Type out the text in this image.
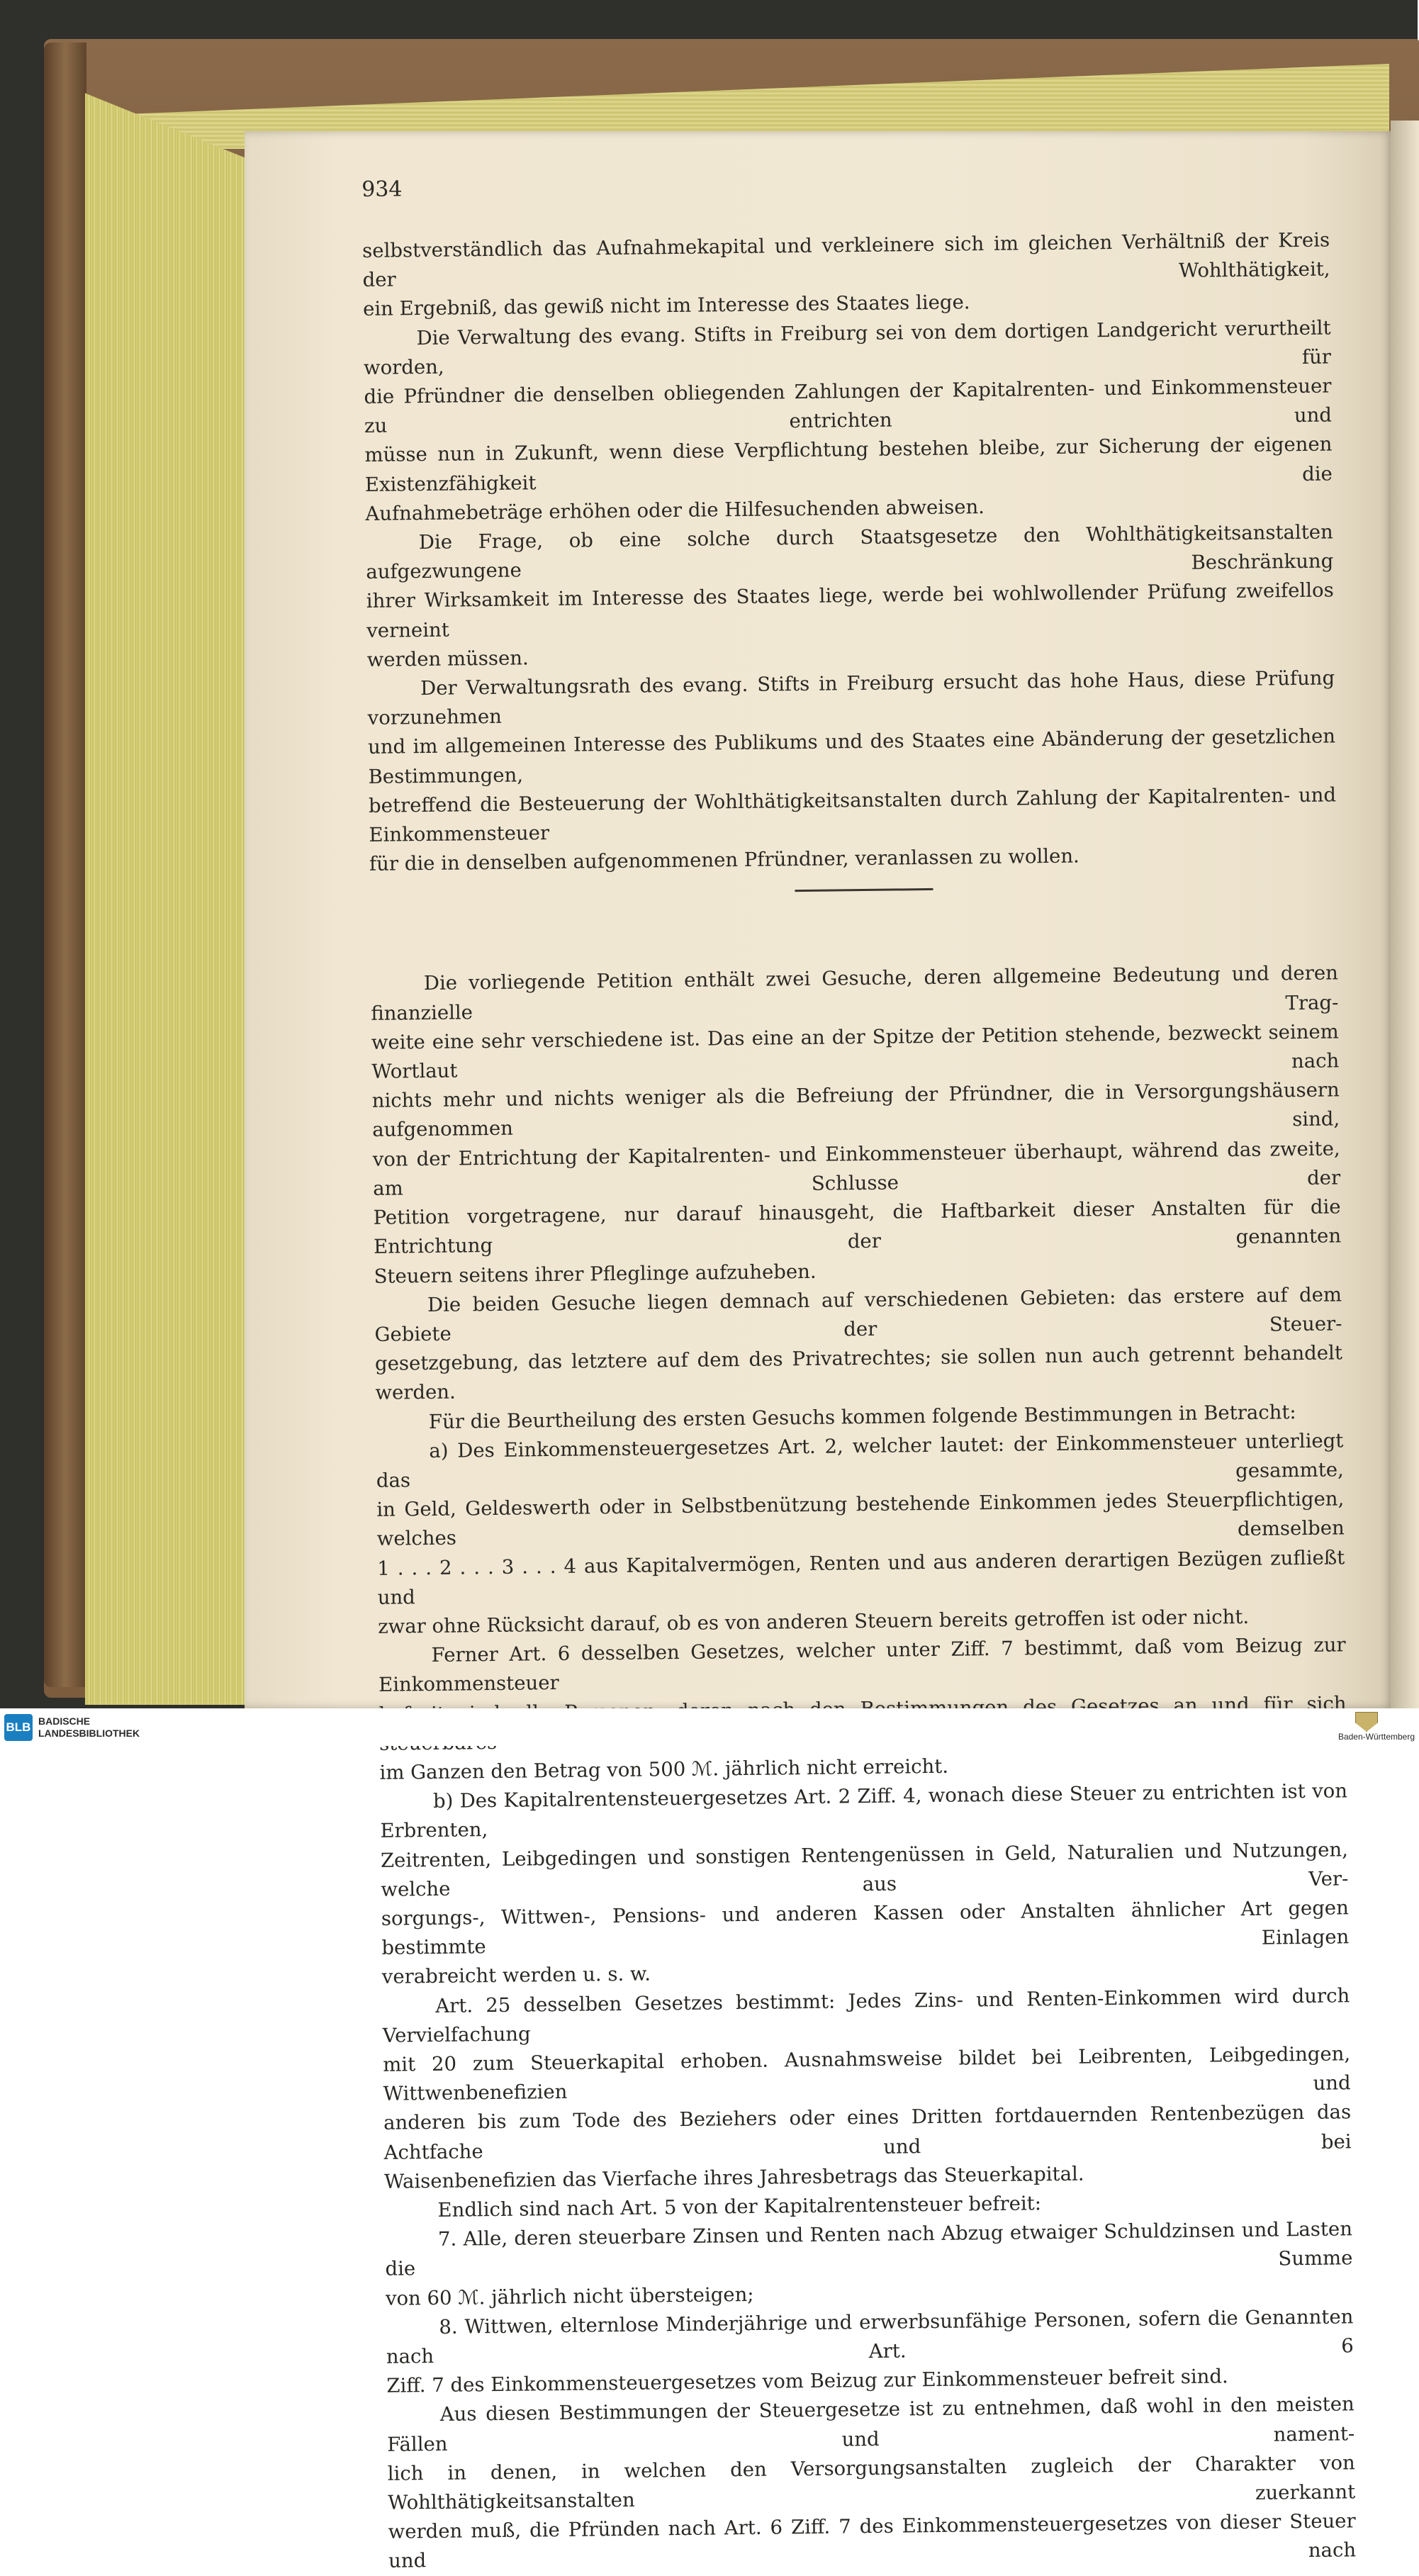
934
selbstverständlich das Aufnahmekapital und verkleinere sich im gleichen Verhältniß der Kreis der Wohlthätigkeit,
ein Ergebniß, das gewiß nicht im Interesse des Staates liege.
Die Verwaltung des evang. Stifts in Freiburg sei von dem dortigen Landgericht verurtheilt worden, für
die Pfründner die denselben obliegenden Zahlungen der Kapitalrenten- und Einkommensteuer zu entrichten und
müsse nun in Zukunft, wenn diese Verpflichtung bestehen bleibe, zur Sicherung der eigenen Existenzfähigkeit die
Aufnahmebeträge erhöhen oder die Hilfesuchenden abweisen.
Die Frage, ob eine solche durch Staatsgesetze den Wohlthätigkeitsanstalten aufgezwungene Beschränkung
ihrer Wirksamkeit im Interesse des Staates liege, werde bei wohlwollender Prüfung zweifellos verneint
werden müssen.
Der Verwaltungsrath des evang. Stifts in Freiburg ersucht das hohe Haus, diese Prüfung vorzunehmen
und im allgemeinen Interesse des Publikums und des Staates eine Abänderung der gesetzlichen Bestimmungen,
betreffend die Besteuerung der Wohlthätigkeitsanstalten durch Zahlung der Kapitalrenten- und Einkommensteuer
für die in denselben aufgenommenen Pfründner, veranlassen zu wollen.
Die vorliegende Petition enthält zwei Gesuche, deren allgemeine Bedeutung und deren finanzielle Trag-
weite eine sehr verschiedene ist. Das eine an der Spitze der Petition stehende, bezweckt seinem Wortlaut nach
nichts mehr und nichts weniger als die Befreiung der Pfründner, die in Versorgungshäusern aufgenommen sind,
von der Entrichtung der Kapitalrenten- und Einkommensteuer überhaupt, während das zweite, am Schlusse der
Petition vorgetragene, nur darauf hinausgeht, die Haftbarkeit dieser Anstalten für die Entrichtung der genannten
Steuern seitens ihrer Pfleglinge aufzuheben.
Die beiden Gesuche liegen demnach auf verschiedenen Gebieten: das erstere auf dem Gebiete der Steuer-
gesetzgebung, das letztere auf dem des Privatrechtes; sie sollen nun auch getrennt behandelt werden.
Für die Beurtheilung des ersten Gesuchs kommen folgende Bestimmungen in Betracht:
a) Des Einkommensteuergesetzes Art. 2, welcher lautet: der Einkommensteuer unterliegt das gesammte,
in Geld, Geldeswerth oder in Selbstbenützung bestehende Einkommen jedes Steuerpflichtigen, welches demselben
1 . . . 2 . . . 3 . . . 4 aus Kapitalvermögen, Renten und aus anderen derartigen Bezügen zufließt und
zwar ohne Rücksicht darauf, ob es von anderen Steuern bereits getroffen ist oder nicht.
Ferner Art. 6 desselben Gesetzes, welcher unter Ziff. 7 bestimmt, daß vom Beizug zur Einkommensteuer
im Ganzen den Betrag von 500 ℳ. jährlich nicht erreicht.
b) Des Kapitalrentensteuergesetzes Art. 2 Ziff. 4, wonach diese Steuer zu entrichten ist von Erbrenten,
Zeitrenten, Leibgedingen und sonstigen Rentengenüssen in Geld, Naturalien und Nutzungen, welche aus Ver-
sorgungs-, Wittwen-, Pensions- und anderen Kassen oder Anstalten ähnlicher Art gegen bestimmte Einlagen
verabreicht werden u. s. w.
Art. 25 desselben Gesetzes bestimmt: Jedes Zins- und Renten-Einkommen wird durch Vervielfachung
mit 20 zum Steuerkapital erhoben. Ausnahmsweise bildet bei Leibrenten, Leibgedingen, Wittwenbenefizien und
anderen bis zum Tode des Beziehers oder eines Dritten fortdauernden Rentenbezügen das Achtfache und bei
Waisenbenefizien das Vierfache ihres Jahresbetrags das Steuerkapital.
Endlich sind nach Art. 5 von der Kapitalrentensteuer befreit:
7. Alle, deren steuerbare Zinsen und Renten nach Abzug etwaiger Schuldzinsen und Lasten die Summe
von 60 ℳ. jährlich nicht übersteigen;
8. Wittwen, elternlose Minderjährige und erwerbsunfähige Personen, sofern die Genannten nach Art. 6
Ziff. 7 des Einkommensteuergesetzes vom Beizug zur Einkommensteuer befreit sind.
Aus diesen Bestimmungen der Steuergesetze ist zu entnehmen, daß wohl in den meisten Fällen und nament-
lich in denen, in welchen den Versorgungsanstalten zugleich der Charakter von Wohlthätigkeitsanstalten zuerkannt
werden muß, die Pfründen nach Art. 6 Ziff. 7 des Einkommensteuergesetzes von dieser Steuer und nach
BLB BADISCHE
LANDESBIBLIOTHEK	Baden-Württemberg
